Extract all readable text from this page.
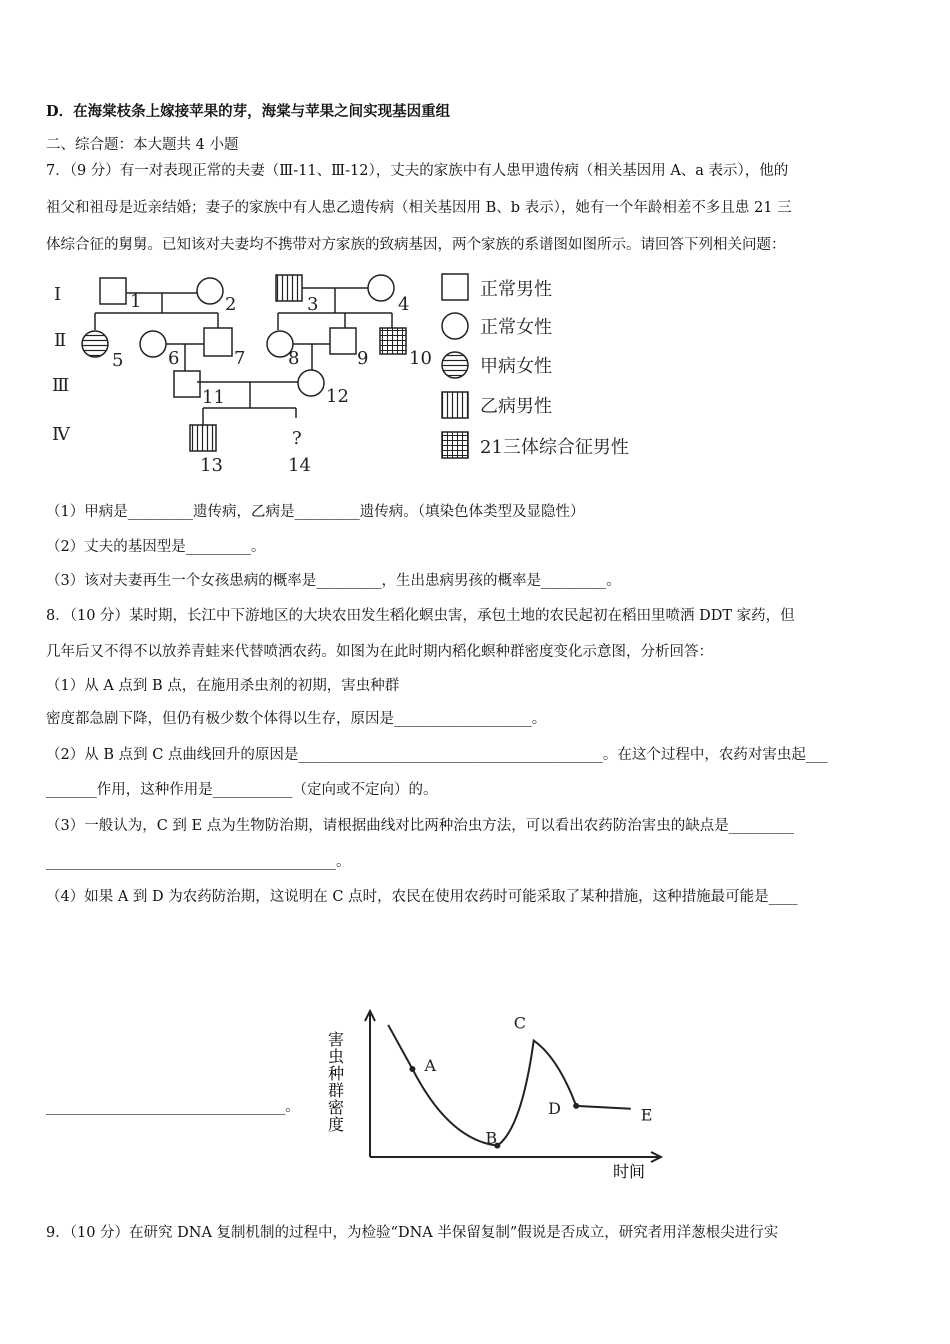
D．在海棠枝条上嫁接苹果的芽，海棠与苹果之间实现基因重组
二、综合题：本大题共 4 小题
7．（9 分）有一对表现正常的夫妻（Ⅲ-11、Ⅲ-12），丈夫的家族中有人患甲遗传病（相关基因用 A、a 表示），他的
祖父和祖母是近亲结婚；妻子的家族中有人患乙遗传病（相关基因用 B、b 表示），她有一个年龄相差不多且患 21 三
体综合征的舅舅。已知该对夫妻均不携带对方家族的致病基因，两个家族的系谱图如图所示。请回答下列相关问题：
Ⅰ
Ⅱ
Ⅲ
Ⅳ
1	2	3	4
5 6	7 8	9 10
11	12
13
?
14
正常男性
正常女性
甲病女性
乙病男性
21三体综合征男性
（1）甲病是_________遗传病，乙病是_________遗传病。（填染色体类型及显隐性）
（2）丈夫的基因型是_________。
（3）该对夫妻再生一个女孩患病的概率是_________，生出患病男孩的概率是_________。
8．（10 分）某时期，长江中下游地区的大块农田发生稻化螟虫害，承包土地的农民起初在稻田里喷洒 DDT 家药，但
几年后又不得不以放养青蛙来代替喷洒农药。如图为在此时期内稻化螟种群密度变化示意图，分析回答：
（1）从 A 点到 B 点，在施用杀虫剂的初期，害虫种群
密度都急剧下降，但仍有极少数个体得以生存，原因是___________________。
（2）从 B 点到 C 点曲线回升的原因是__________________________________________。在这个过程中，农药对害虫起___
_______作用，这种作用是___________（定向或不定向）的。
（3）一般认为，C 到 E 点为生物防治期，请根据曲线对比两种治虫方法，可以看出农药防治害虫的缺点是_________
________________________________________。
（4）如果 A 到 D 为农药防治期，这说明在 C 点时，农民在使用农药时可能采取了某种措施，这种措施最可能是____
_________________________________。
A
B
C
D	E
害虫种群密度
时间
9．（10 分）在研究 DNA 复制机制的过程中，为检验“DNA 半保留复制”假说是否成立，研究者用洋葱根尖进行实
